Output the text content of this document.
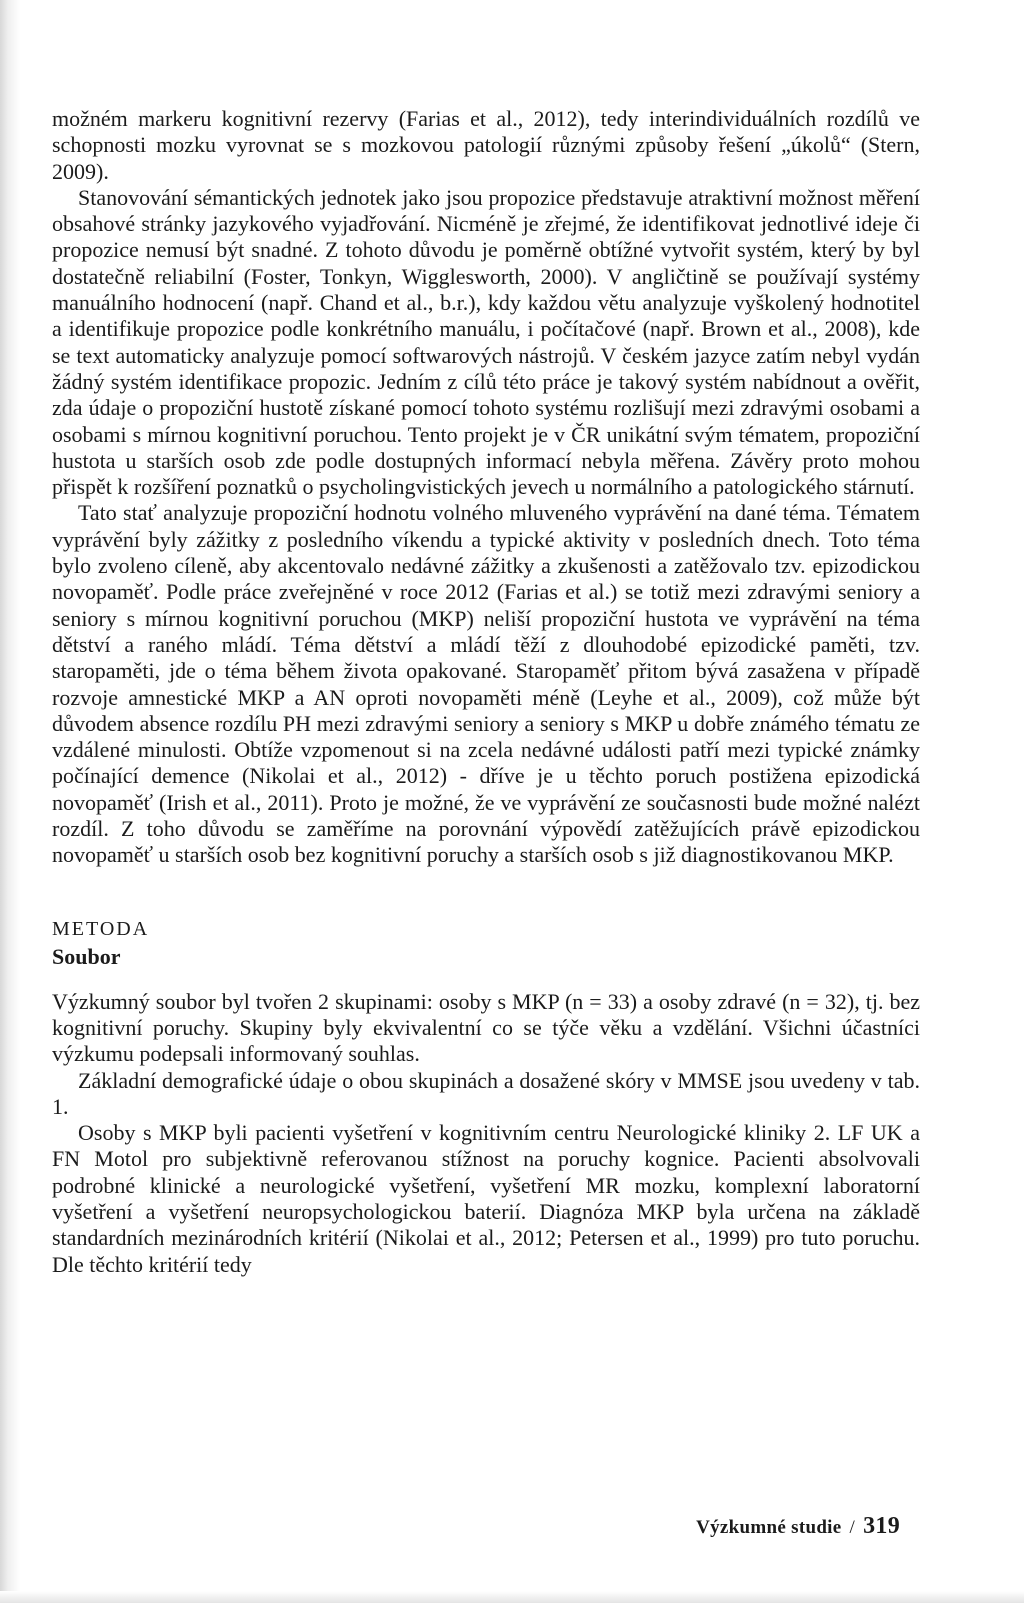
možném markeru kognitivní rezervy (Farias et al., 2012), tedy interindividuálních rozdílů ve schopnosti mozku vyrovnat se s mozkovou patologií různými způsoby řešení „úkolů“ (Stern, 2009).

Stanovování sémantických jednotek jako jsou propozice představuje atraktivní možnost měření obsahové stránky jazykového vyjadřování. Nicméně je zřejmé, že identifikovat jednotlivé ideje či propozice nemusí být snadné. Z tohoto důvodu je poměrně obtížné vytvořit systém, který by byl dostatečně reliabilní (Foster, Tonkyn, Wigglesworth, 2000). V angličtině se používají systémy manuálního hodnocení (např. Chand et al., b.r.), kdy každou větu analyzuje vyškolený hodnotitel a identifikuje propozice podle konkrétního manuálu, i počítačové (např. Brown et al., 2008), kde se text automaticky analyzuje pomocí softwarových nástrojů. V českém jazyce zatím nebyl vydán žádný systém identifikace propozic. Jedním z cílů této práce je takový systém nabídnout a ověřit, zda údaje o propoziční hustotě získané pomocí tohoto systému rozlišují mezi zdravými osobami a osobami s mírnou kognitivní poruchou. Tento projekt je v ČR unikátní svým tématem, propoziční hustota u starších osob zde podle dostupných informací nebyla měřena. Závěry proto mohou přispět k rozšíření poznatků o psycholingvistických jevech u normálního a patologického stárnutí.

Tato stať analyzuje propoziční hodnotu volného mluveného vyprávění na dané téma. Tématem vyprávění byly zážitky z posledního víkendu a typické aktivity v posledních dnech. Toto téma bylo zvoleno cíleně, aby akcentovalo nedávné zážitky a zkušenosti a zatěžovalo tzv. epizodickou novopaměť. Podle práce zveřejněné v roce 2012 (Farias et al.) se totiž mezi zdravými seniory a seniory s mírnou kognitivní poruchou (MKP) neliší propoziční hustota ve vyprávění na téma dětství a raného mládí. Téma dětství a mládí těží z dlouhodobé epizodické paměti, tzv. staropaměti, jde o téma během života opakované. Staropaměť přitom bývá zasažena v případě rozvoje amnestické MKP a AN oproti novopaměti méně (Leyhe et al., 2009), což může být důvodem absence rozdílu PH mezi zdravými seniory a seniory s MKP u dobře známého tématu ze vzdálené minulosti. Obtíže vzpomenout si na zcela nedávné události patří mezi typické známky počínající demence (Nikolai et al., 2012) - dříve je u těchto poruch postižena epizodická novopaměť (Irish et al., 2011). Proto je možné, že ve vyprávění ze současnosti bude možné nalézt rozdíl. Z toho důvodu se zaměříme na porovnání výpovědí zatěžujících právě epizodickou novopaměť u starších osob bez kognitivní poruchy a starších osob s již diagnostikovanou MKP.

METODA
Soubor

Výzkumný soubor byl tvořen 2 skupinami: osoby s MKP (n = 33) a osoby zdravé (n = 32), tj. bez kognitivní poruchy. Skupiny byly ekvivalentní co se týče věku a vzdělání. Všichni účastníci výzkumu podepsali informovaný souhlas.

Základní demografické údaje o obou skupinách a dosažené skóry v MMSE jsou uvedeny v tab. 1.

Osoby s MKP byli pacienti vyšetření v kognitivním centru Neurologické kliniky 2. LF UK a FN Motol pro subjektivně referovanou stížnost na poruchy kognice. Pacienti absolvovali podrobné klinické a neurologické vyšetření, vyšetření MR mozku, komplexní laboratorní vyšetření a vyšetření neuropsychologickou baterií. Diagnóza MKP byla určena na základě standardních mezinárodních kritérií (Nikolai et al., 2012; Petersen et al., 1999) pro tuto poruchu. Dle těchto kritérií tedy

Výzkumné studie / 319
